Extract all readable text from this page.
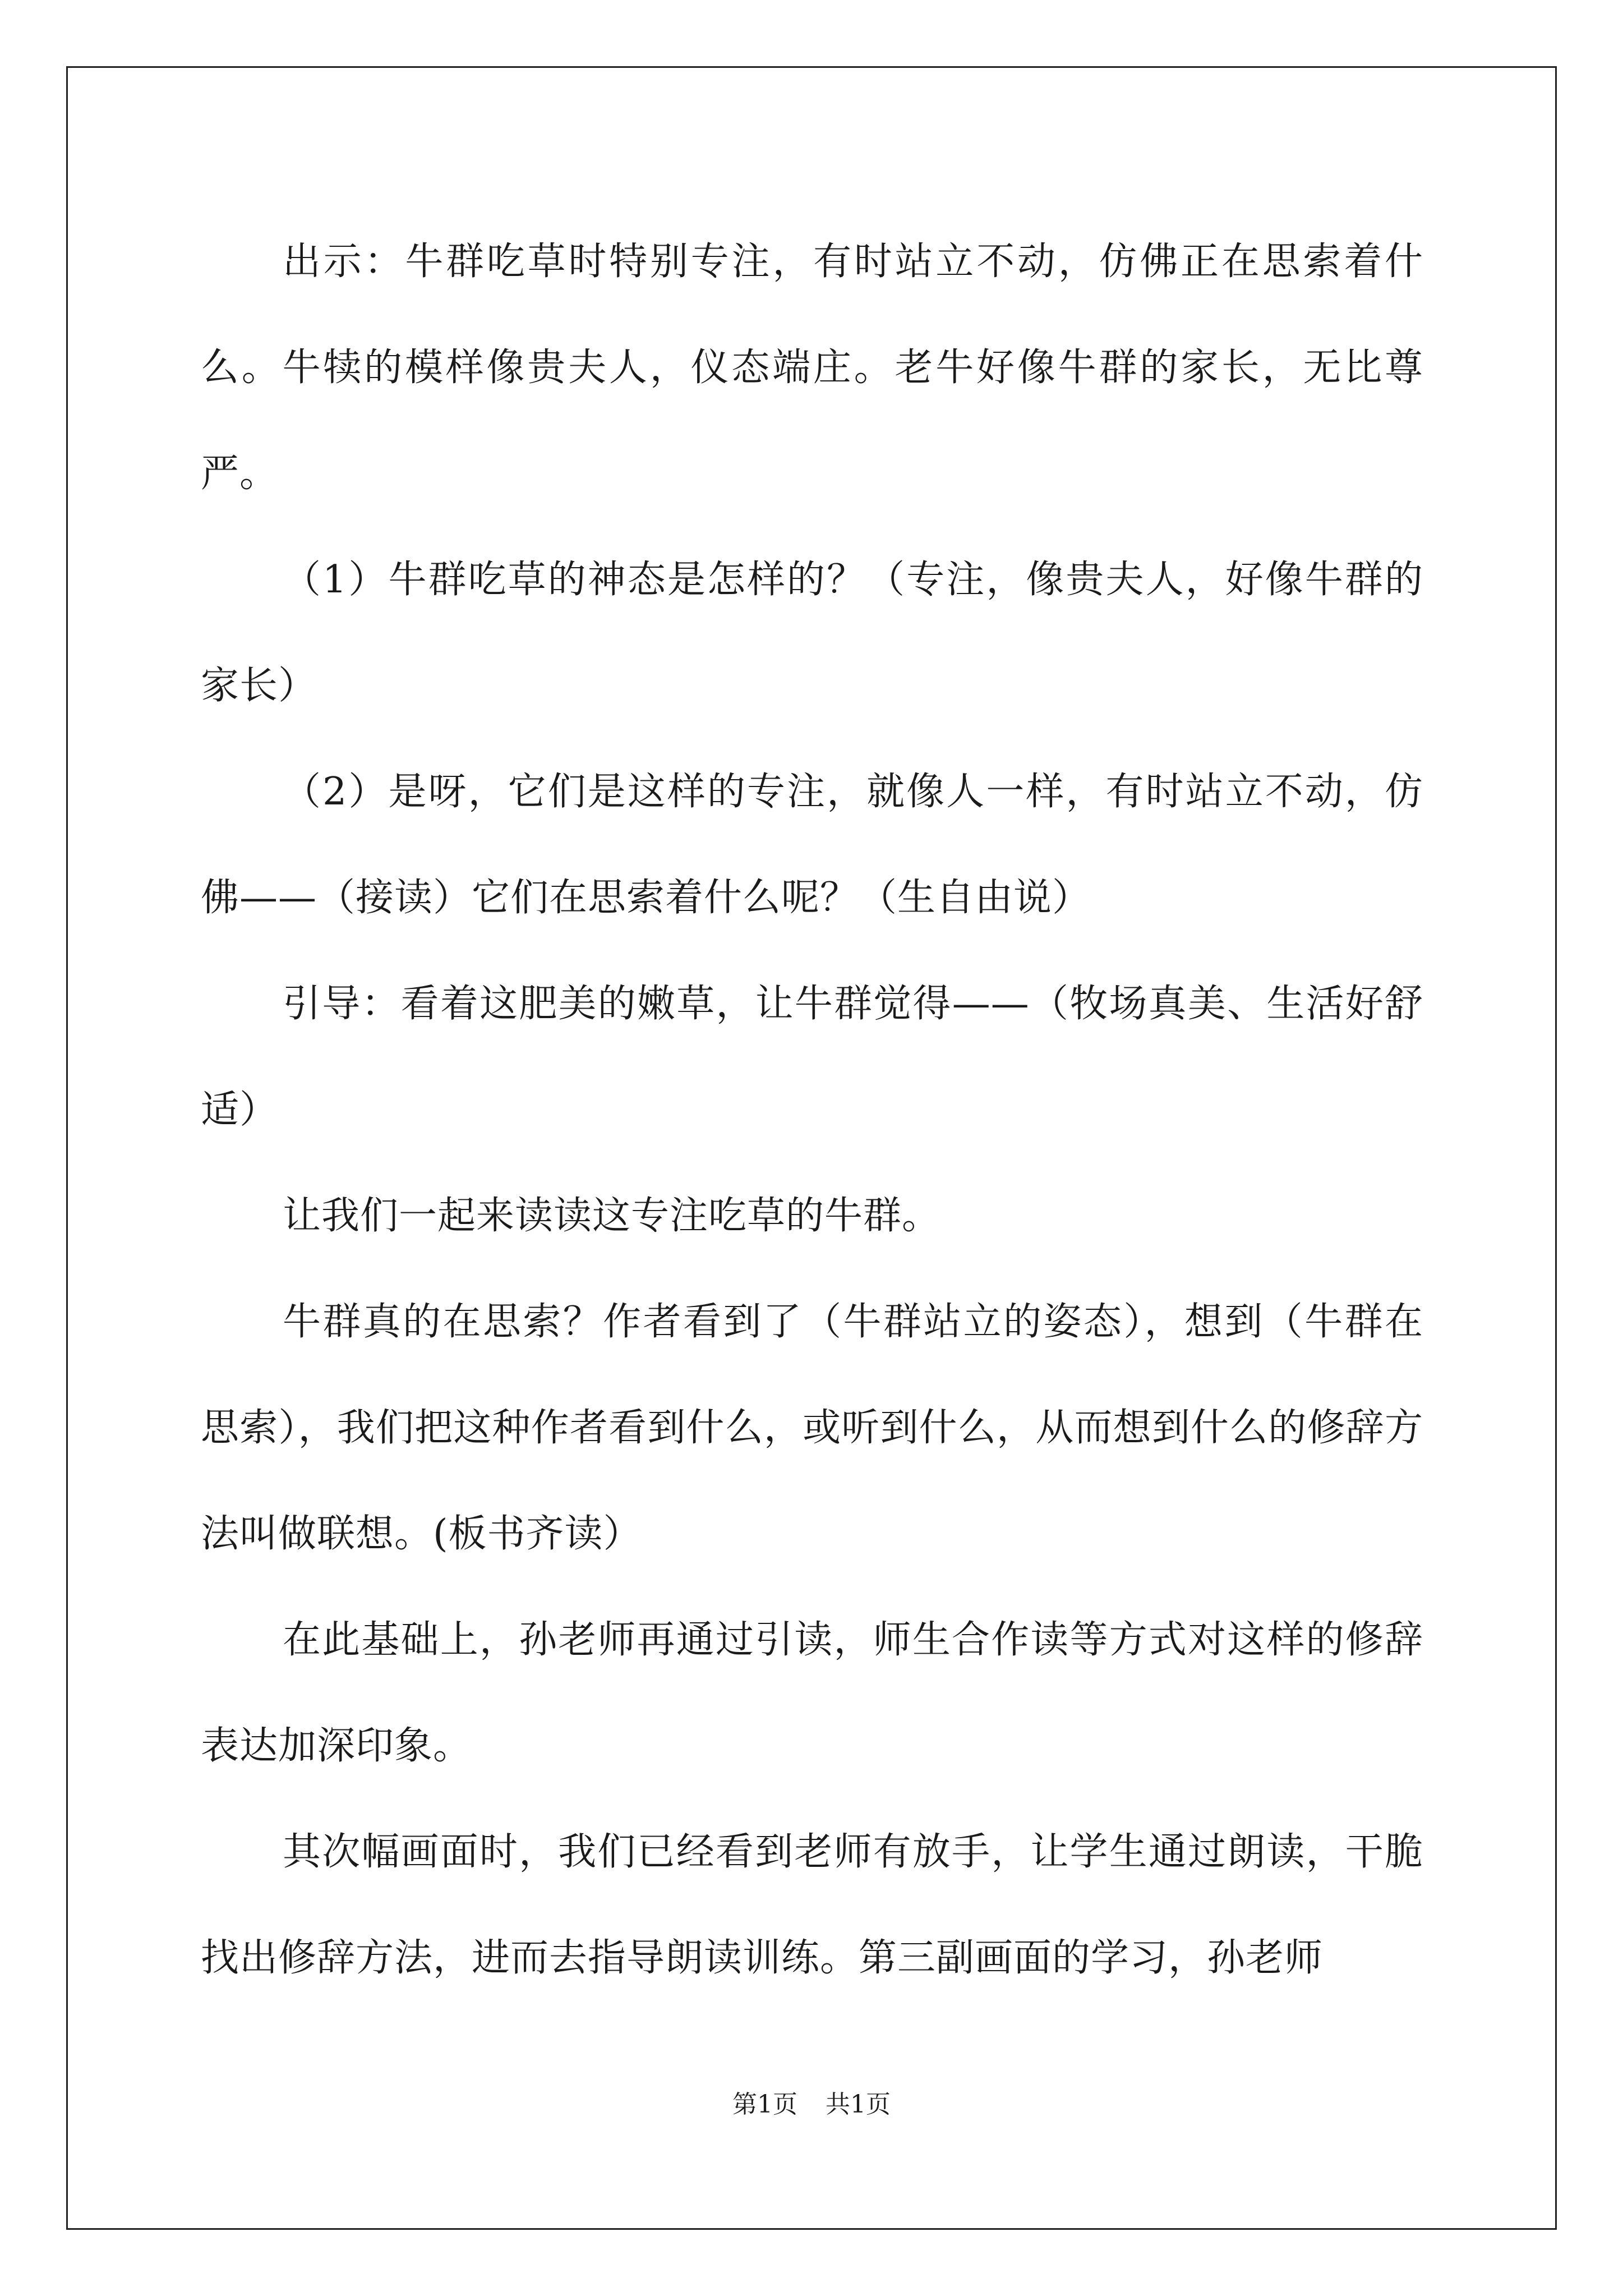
出示：牛群吃草时特别专注，有时站立不动，仿佛正在思索着什么。牛犊的模样像贵夫人，仪态端庄。老牛好像牛群的家长，无比尊严。

（1）牛群吃草的神态是怎样的？（专注，像贵夫人，好像牛群的家长）

（2）是呀，它们是这样的专注，就像人一样，有时站立不动，仿佛——（接读）它们在思索着什么呢？（生自由说）

引导：看着这肥美的嫩草，让牛群觉得——（牧场真美、生活好舒适）

让我们一起来读读这专注吃草的牛群。

牛群真的在思索？作者看到了（牛群站立的姿态），想到（牛群在思索），我们把这种作者看到什么，或听到什么，从而想到什么的修辞方法叫做联想。(板书齐读）

在此基础上，孙老师再通过引读，师生合作读等方式对这样的修辞表达加深印象。

其次幅画面时，我们已经看到老师有放手，让学生通过朗读，干脆找出修辞方法，进而去指导朗读训练。第三副画面的学习，孙老师

第1页 共1页
